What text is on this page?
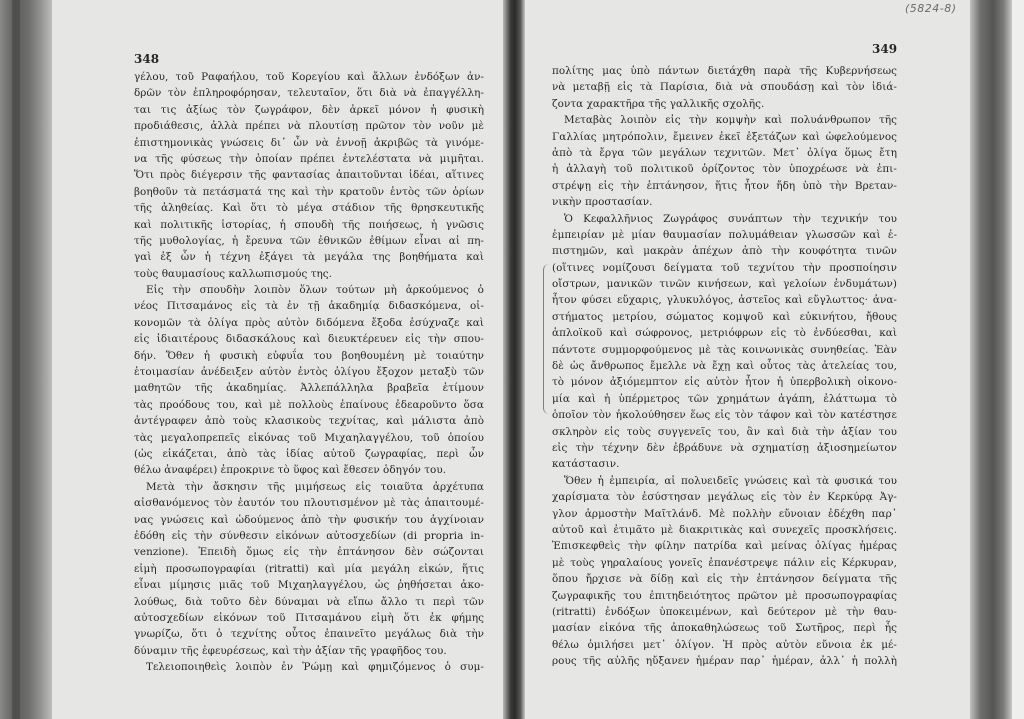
(5824-8)
348
349
γέλου, τοῦ Ραφαήλου, τοῦ Κορεγίου καὶ ἄλλων ἐνδόξων ἀν-
δρῶν τὸν ἐπληροφόρησαν, τελευταῖον, ὅτι διὰ νὰ ἐπαγγέλλη-
ται τις ἀξίως τὸν ζωγράφον, δὲν ἀρκεῖ μόνον ἡ φυσικὴ
προδιάθεσις, ἀλλὰ πρέπει νὰ πλουτίσῃ πρῶτον τὸν νοῦν μὲ
ἐπιστημονικὰς γνώσεις δι᾽ ὧν νὰ ἐννοῇ ἀκριβῶς τὰ γινόμε-
να τῆς φύσεως τὴν ὁποίαν πρέπει ἐντελέστατα νὰ μιμῆται.
Ὅτι πρὸς διέγερσιν τῆς φαντασίας ἀπαιτοῦνται ἰδέαι, αἵτινες
βοηθοῦν τὰ πετάσματά της καὶ τὴν κρατοῦν ἐντὸς τῶν ὁρίων
τῆς ἀληθείας. Καὶ ὅτι τὸ μέγα στάδιον τῆς θρησκευτικῆς
καὶ πολιτικῆς ἱστορίας, ἡ σπουδὴ τῆς ποιήσεως, ἡ γνῶσις
τῆς μυθολογίας, ἡ ἔρευνα τῶν ἐθνικῶν ἐθίμων εἶναι αἱ πη-
γαὶ ἐξ ὧν ἡ τέχνη ἐξάγει τὰ μεγάλα της βοηθήματα καὶ
τοὺς θαυμασίους καλλωπισμούς της.
Εἰς τὴν σπουδὴν λοιπὸν ὅλων τούτων μὴ ἀρκούμενος ὁ
νέος Πιτσαμάνος εἰς τὰ ἐν τῇ ἀκαδημίᾳ διδασκόμενα, οἰ-
κονομῶν τὰ ὀλίγα πρὸς αὐτὸν διδόμενα ἔξοδα ἐσύχναζε καὶ
εἰς ἰδιαιτέρους διδασκάλους καὶ διευκτέρευεν εἰς τὴν σπου-
δήν. Ὅθεν ἡ φυσικὴ εὐφυΐα του βοηθουμένη μὲ τοιαύτην
ἑτοιμασίαν ἀνέδειξεν αὐτὸν ἐντὸς ὀλίγου ἔξοχον μεταξὺ τῶν
μαθητῶν τῆς ἀκαδημίας. Ἀλλεπάλληλα βραβεῖα ἐτίμουν
τὰς προόδους του, καὶ μὲ πολλοὺς ἐπαίνους ἐδεαροῦντο ὅσα
ἀντέγραφεν ἀπὸ τοὺς κλασικοὺς τεχνίτας, καὶ μάλιστα ἀπὸ
τὰς μεγαλοπρεπεῖς εἰκόνας τοῦ Μιχαηλαγγέλου, τοῦ ὁποίου
(ὡς εἰκάζεται, ἀπὸ τὰς ἰδίας αὐτοῦ ζωγραφίας, περὶ ὧν
θέλω ἀναφέρει) ἐπροκρινε τὸ ὕφος καὶ ἔθεσεν ὁδηγόν του.
Μετὰ τὴν ἄσκησιν τῆς μιμήσεως εἰς τοιαῦτα ἀρχέτυπα
αἰσθανόμενος τὸν ἑαυτόν του πλουτισμένον μὲ τὰς ἀπαιτουμέ-
νας γνώσεις καὶ ὡδούμενος ἀπὸ τὴν φυσικήν του ἀγχίνοιαν
ἐδόθη εἰς τὴν σύνθεσιν εἰκόνων αὐτοσχεδίων (di propria in-
venzione). Ἐπειδὴ ὅμως εἰς τὴν ἐπτάνησον δὲν σώζονται
εἰμὴ προσωπογραφίαι (ritratti) καὶ μία μεγάλη εἰκών, ἥτις
εἶναι μίμησις μιᾶς τοῦ Μιχαηλαγγέλου, ὡς ῥηθήσεται ἀκο-
λούθως, διὰ τοῦτο δὲν δύναμαι νὰ εἴπω ἄλλο τι περὶ τῶν
αὐτοσχεδίων εἰκόνων τοῦ Πιτσαμάνου εἰμὴ ὅτι ἐκ φήμης
γνωρίζω, ὅτι ὁ τεχνίτης οὗτος ἐπαινεῖτο μεγάλως διὰ τὴν
δύναμιν τῆς ἐφευρέσεως, καὶ τὴν ἀξίαν τῆς γραφῆδος του.
Τελειοποιηθεὶς λοιπὸν ἐν Ῥώμῃ καὶ φημιζόμενος ὁ συμ-
πολίτης μας ὑπὸ πάντων διετάχθη παρὰ τῆς Κυβερνήσεως
νὰ μεταβῇ εἰς τὰ Παρίσια, διὰ νὰ σπουδάσῃ καὶ τὸν ἰδιά-
ζοντα χαρακτῆρα τῆς γαλλικῆς σχολῆς.
Μεταβὰς λοιπὸν εἰς τὴν κομψὴν καὶ πολυάνθρωπον τῆς
Γαλλίας μητρόπολιν, ἔμεινεν ἐκεῖ ἐξετάζων καὶ ὠφελούμενος
ἀπὸ τὰ ἔργα τῶν μεγάλων τεχνιτῶν. Μετ᾽ ὀλίγα ὅμως ἔτη
ἡ ἀλλαγὴ τοῦ πολιτικοῦ ὁρίζοντος τὸν ὑποχρέωσε νὰ ἐπι-
στρέψῃ εἰς τὴν ἑπτάνησον, ἥτις ἦτον ἤδη ὑπὸ τὴν Βρεταν-
νικὴν προστασίαν.
Ὁ Κεφαλλῆνιος Ζωγράφος συνάπτων τὴν τεχνικήν του
ἐμπειρίαν μὲ μίαν θαυμασίαν πολυμάθειαν γλωσσῶν καὶ ἐ-
πιστημῶν, καὶ μακρὰν ἀπέχων ἀπὸ τὴν κουφότητα τινῶν
(οἵτινες νομίζουσι δείγματα τοῦ τεχνίτου τὴν προσποίησιν
οἴστρων, μανικῶν τινῶν κινήσεων, καὶ γελοίων ἐνδυμάτων)
ἦτον φύσει εὔχαρις, γλυκυλόγος, ἀστεῖος καὶ εὔγλωττος· ἀνα-
στήματος μετρίου, σώματος κομψοῦ καὶ εὐκινήτου, ἤθους
ἁπλοϊκοῦ καὶ σώφρονος, μετριόφρων εἰς τὸ ἐνδύεσθαι, καὶ
πάντοτε συμμορφούμενος μὲ τὰς κοινωνικὰς συνηθείας. Ἐὰν
δὲ ὡς ἄνθρωπος ἔμελλε νὰ ἔχῃ καὶ οὗτος τὰς ἀτελείας του,
τὸ μόνον ἀξιόμεμπτον εἰς αὐτὸν ἦτον ἡ ὑπερβολικὴ οἰκονο-
μία καὶ ἡ ὑπέρμετρος τῶν χρημάτων ἀγάπη, ἐλάττωμα τὸ
ὁποῖον τὸν ἠκολούθησεν ἕως εἰς τὸν τάφον καὶ τὸν κατέστησε
σκληρὸν εἰς τοὺς συγγενεῖς του, ἂν καὶ διὰ τὴν ἀξίαν του
εἰς τὴν τέχνην δὲν ἐβράδυνε νὰ σχηματίσῃ ἀξιοσημείωτον
κατάστασιν.
Ὅθεν ἡ ἐμπειρία, αἱ πολυειδεῖς γνώσεις καὶ τὰ φυσικά του
χαρίσματα τὸν ἐσύστησαν μεγάλως εἰς τὸν ἐν Κερκύρᾳ Ἀγ-
γλον ἁρμοστὴν Μαῖτλάνδ. Μὲ πολλὴν εὔνοιαν ἐδέχθη παρ᾽
αὐτοῦ καὶ ἐτιμᾶτο μὲ διακριτικὰς καὶ συνεχεῖς προσκλήσεις.
Ἐπισκεφθεὶς τὴν φίλην πατρίδα καὶ μείνας ὀλίγας ἡμέρας
μὲ τοὺς γηραλαίους γονεῖς ἐπανέστρεψε πάλιν εἰς Κέρκυραν,
ὅπου ἤρχισε νὰ δίδῃ καὶ εἰς τὴν ἑπτάνησον δείγματα τῆς
ζωγραφικῆς του ἐπιτηδειότητος πρῶτον μὲ προσωπογραφίας
(ritratti) ἐνδόξων ὑποκειμένων, καὶ δεύτερον μὲ τὴν θαυ-
μασίαν εἰκόνα τῆς ἀποκαθηλώσεως τοῦ Σωτῆρος, περὶ ἧς
θέλω ὁμιλήσει μετ᾽ ὀλίγον. Ἡ πρὸς αὐτὸν εὔνοια ἐκ μέ-
ρους τῆς αὐλῆς ηὔξανεν ἡμέραν παρ᾽ ἡμέραν, ἀλλ᾽ ἡ πολλὴ
